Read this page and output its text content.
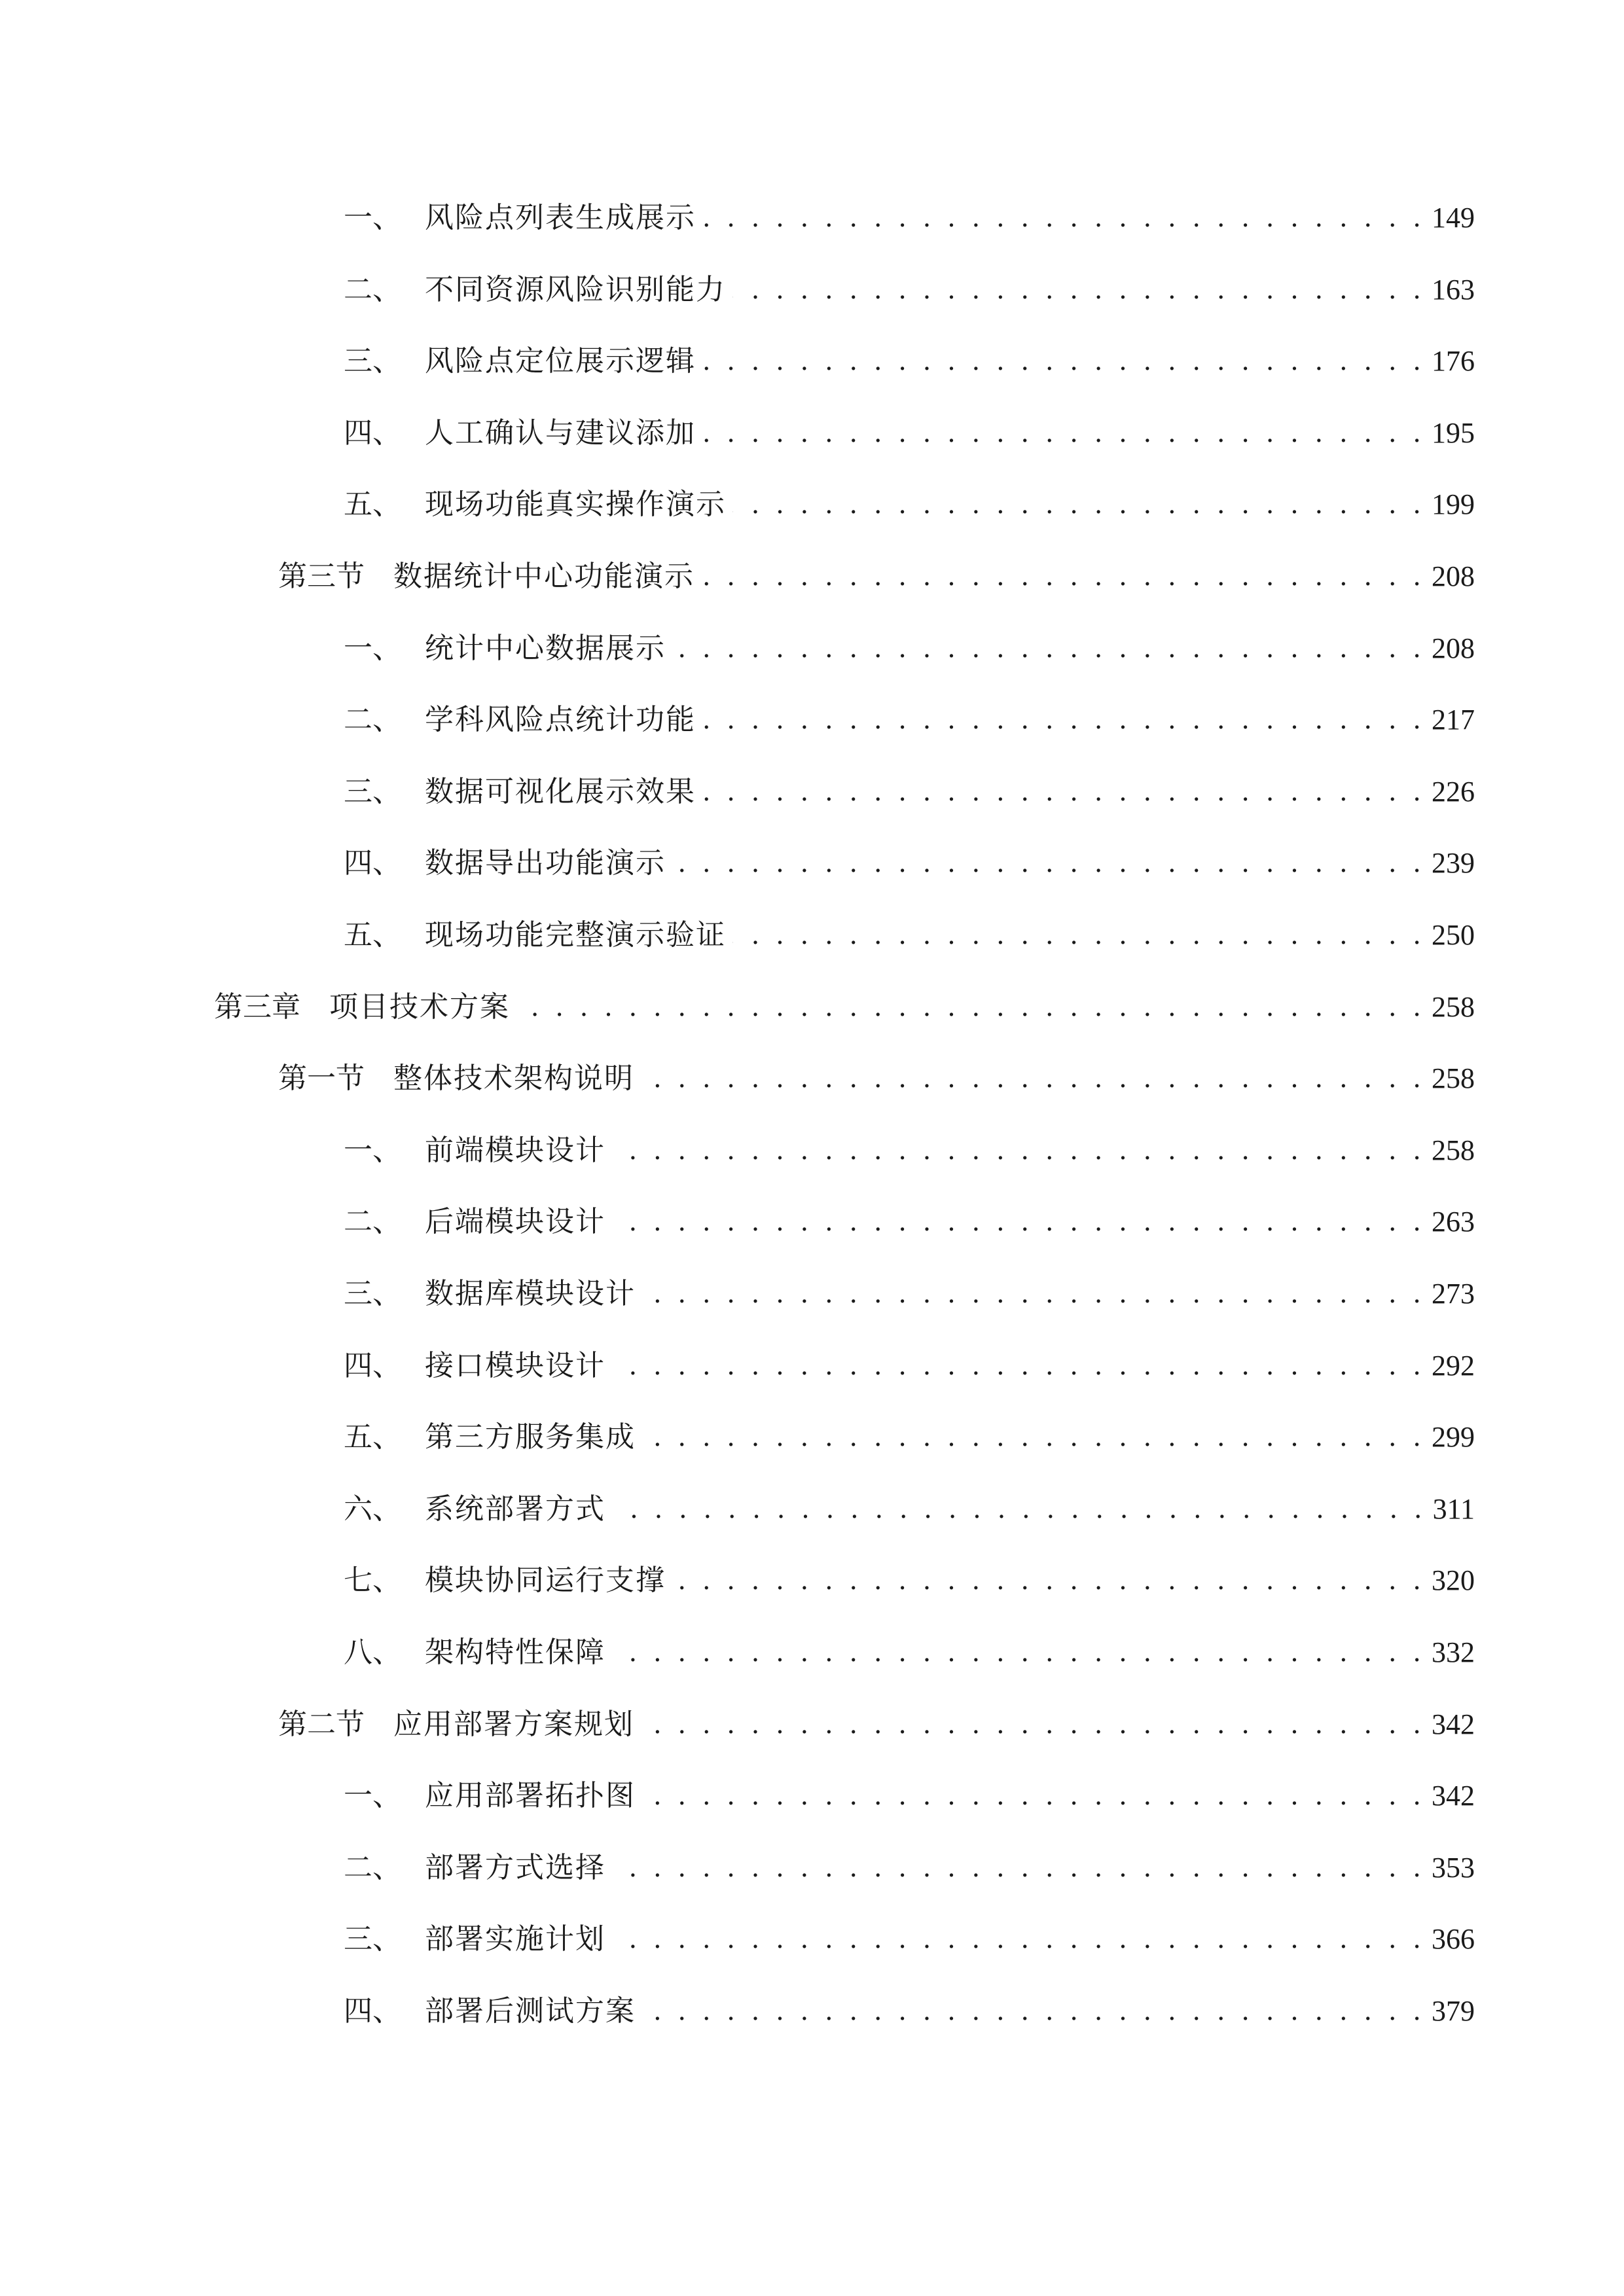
一、 风险点列表生成展示 . . .	149
二、 不同资源风险识别能力 . . .	163
三、 风险点定位展示逻辑 . . .	176
四、 人工确认与建议添加 . . .	195
五、 现场功能真实操作演示 . . .	199
第三节	数据统计中心功能演示 . . .	208
一、 统计中心数据展示 . . .	208
二、 学科风险点统计功能 . . .	217
三、 数据可视化展示效果 . . .	226
四、 数据导出功能演示 . . .	239
五、 现场功能完整演示验证 . . .	250
第三章	项目技术方案 . . .	258
第一节	整体技术架构说明 . . .	258
一、 前端模块设计 . . .	258
二、 后端模块设计 . . .	263
三、 数据库模块设计 . . .	273
四、 接口模块设计 . . .	292
五、 第三方服务集成 . . .	299
六、 系统部署方式 . . .	311
七、 模块协同运行支撑 . . .	320
八、 架构特性保障 . . .	332
第二节	应用部署方案规划 . . .	342
一、 应用部署拓扑图 . . .	342
二、 部署方式选择 . . .	353
三、 部署实施计划 . . .	366
四、 部署后测试方案 . . .	379
